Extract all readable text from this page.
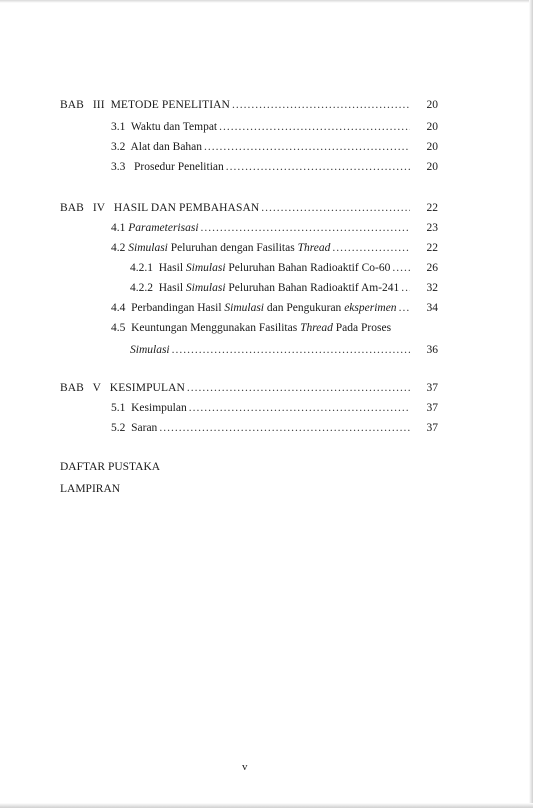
BAB   III  METODE PENELITIAN .....	20
3.1  Waktu dan Tempat .....	20
3.2  Alat dan Bahan .....	20
3.3   Prosedur Penelitian .....	20
BAB   IV   HASIL DAN PEMBAHASAN .....	22
4.1 Parameterisasi .....	23
4.2 Simulasi Peluruhan dengan Fasilitas Thread .....	22
4.2.1  Hasil Simulasi Peluruhan Bahan Radioaktif Co-60 .....	26
4.2.2  Hasil Simulasi Peluruhan Bahan Radioaktif Am-241 .....	32
4.4  Perbandingan Hasil Simulasi dan Pengukuran eksperimen .....	34
4.5  Keuntungan Menggunakan Fasilitas Thread Pada Proses
Simulasi .....	36
BAB   V   KESIMPULAN .....	37
5.1  Kesimpulan .....	37
5.2  Saran .....	37
DAFTAR PUSTAKA
LAMPIRAN
v
